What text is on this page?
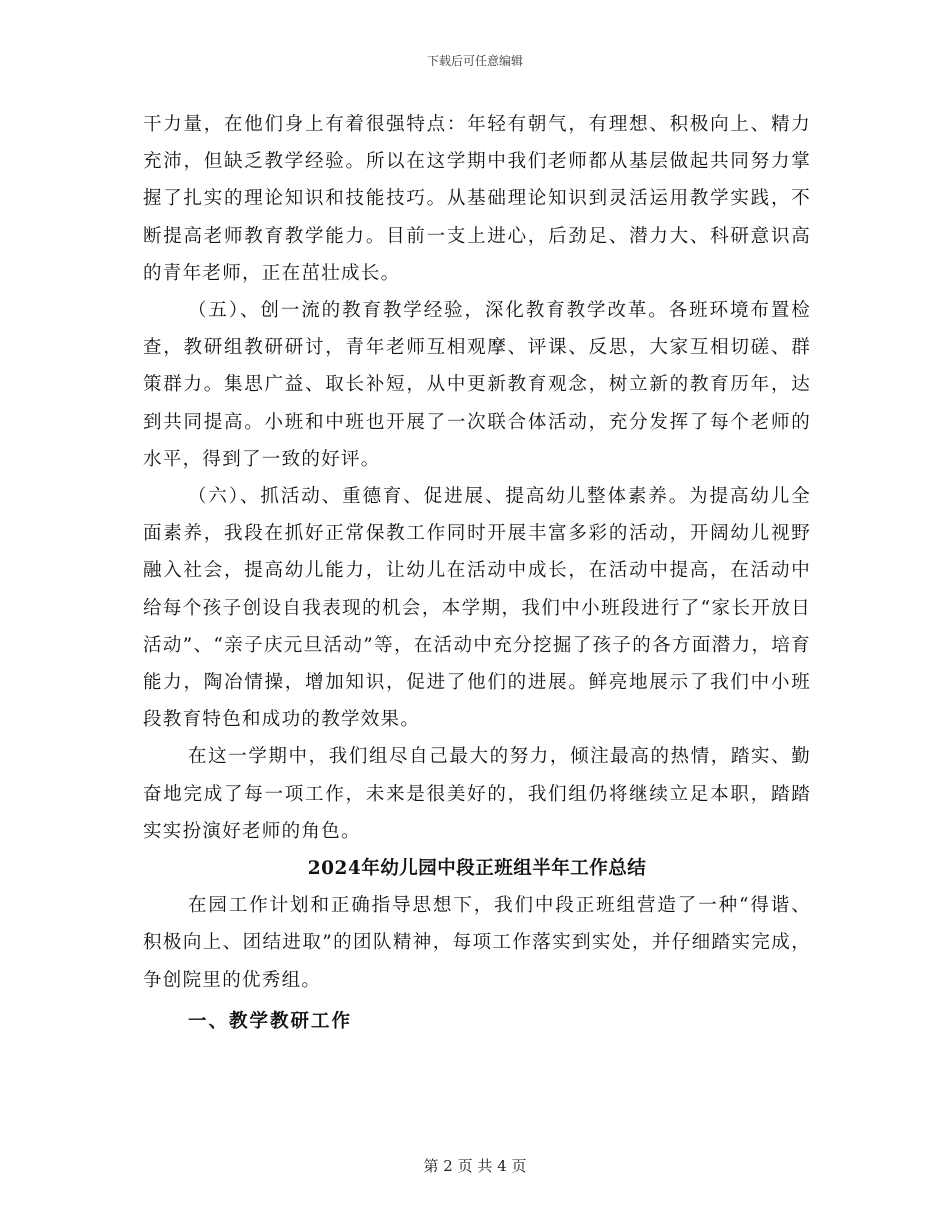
下载后可任意编辑

干力量，在他们身上有着很强特点：年轻有朝气，有理想、积极向上、精力充沛，但缺乏教学经验。所以在这学期中我们老师都从基层做起共同努力掌握了扎实的理论知识和技能技巧。从基础理论知识到灵活运用教学实践，不断提高老师教育教学能力。目前一支上进心，后劲足、潜力大、科研意识高的青年老师，正在茁壮成长。

（五）、创一流的教育教学经验，深化教育教学改革。各班环境布置检查，教研组教研研讨，青年老师互相观摩、评课、反思，大家互相切磋、群策群力。集思广益、取长补短，从中更新教育观念，树立新的教育历年，达到共同提高。小班和中班也开展了一次联合体活动，充分发挥了每个老师的水平，得到了一致的好评。

（六）、抓活动、重德育、促进展、提高幼儿整体素养。为提高幼儿全面素养，我段在抓好正常保教工作同时开展丰富多彩的活动，开阔幼儿视野融入社会，提高幼儿能力，让幼儿在活动中成长，在活动中提高，在活动中给每个孩子创设自我表现的机会，本学期，我们中小班段进行了“家长开放日活动”、“亲子庆元旦活动”等，在活动中充分挖掘了孩子的各方面潜力，培育能力，陶冶情操，增加知识，促进了他们的进展。鲜亮地展示了我们中小班段教育特色和成功的教学效果。

在这一学期中，我们组尽自己最大的努力，倾注最高的热情，踏实、勤奋地完成了每一项工作，未来是很美好的，我们组仍将继续立足本职，踏踏实实扮演好老师的角色。

2024年幼儿园中段正班组半年工作总结

在园工作计划和正确指导思想下，我们中段正班组营造了一种“得谐、积极向上、团结进取”的团队精神，每项工作落实到实处，并仔细踏实完成，争创院里的优秀组。

一、教学教研工作

第 2 页 共 4 页
